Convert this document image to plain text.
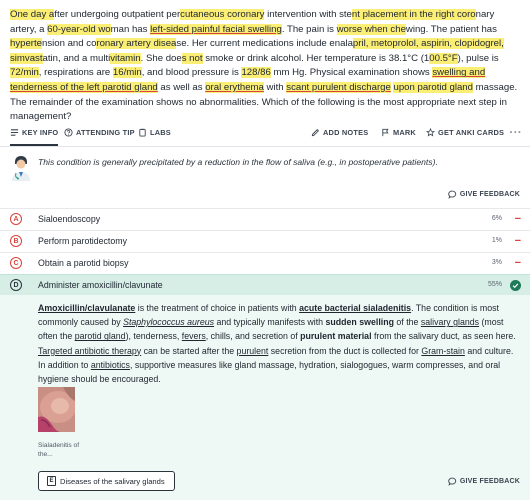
One day after undergoing outpatient percutaneous coronary intervention with stent placement in the right coronary artery, a 60-year-old woman has left-sided painful facial swelling. The pain is worse when chewing. The patient has hypertension and coronary artery disease. Her current medications include enalapril, metoprolol, aspirin, clopidogrel, simvastatin, and a multivitamin. She does not smoke or drink alcohol. Her temperature is 38.1°C (100.5°F), pulse is 72/min, respirations are 16/min, and blood pressure is 128/86 mm Hg. Physical examination shows swelling and tenderness of the left parotid gland as well as oral erythema with scant purulent discharge upon parotid gland massage. The remainder of the examination shows no abnormalities. Which of the following is the most appropriate next step in management?
KEY INFO ATTENDING TIP LABS	ADD NOTES	MARK	GET ANKI CARDS ···
This condition is generally precipitated by a reduction in the flow of saliva (e.g., in postoperative patients).
GIVE FEEDBACK
A	Sialoendoscopy	6% −
B	Perform parotidectomy	1% −
C	Obtain a parotid biopsy	3% −
D	Administer amoxicillin/clavunate	55%
Amoxicillin/clavulanate is the treatment of choice in patients with acute bacterial sialadenitis. The condition is most commonly caused by Staphylococcus aureus and typically manifests with sudden swelling of the salivary glands (most often the parotid gland), tenderness, fevers, chills, and secretion of purulent material from the salivary duct, as seen here. Targeted antibiotic therapy can be started after the purulent secretion from the duct is collected for Gram-stain and culture. In addition to antibiotics, supportive measures like gland massage, hydration, sialogogues, warm compresses, and oral hygiene should be encouraged.
Sialadenitis of
the...
E Diseases of the salivary glands	GIVE FEEDBACK
